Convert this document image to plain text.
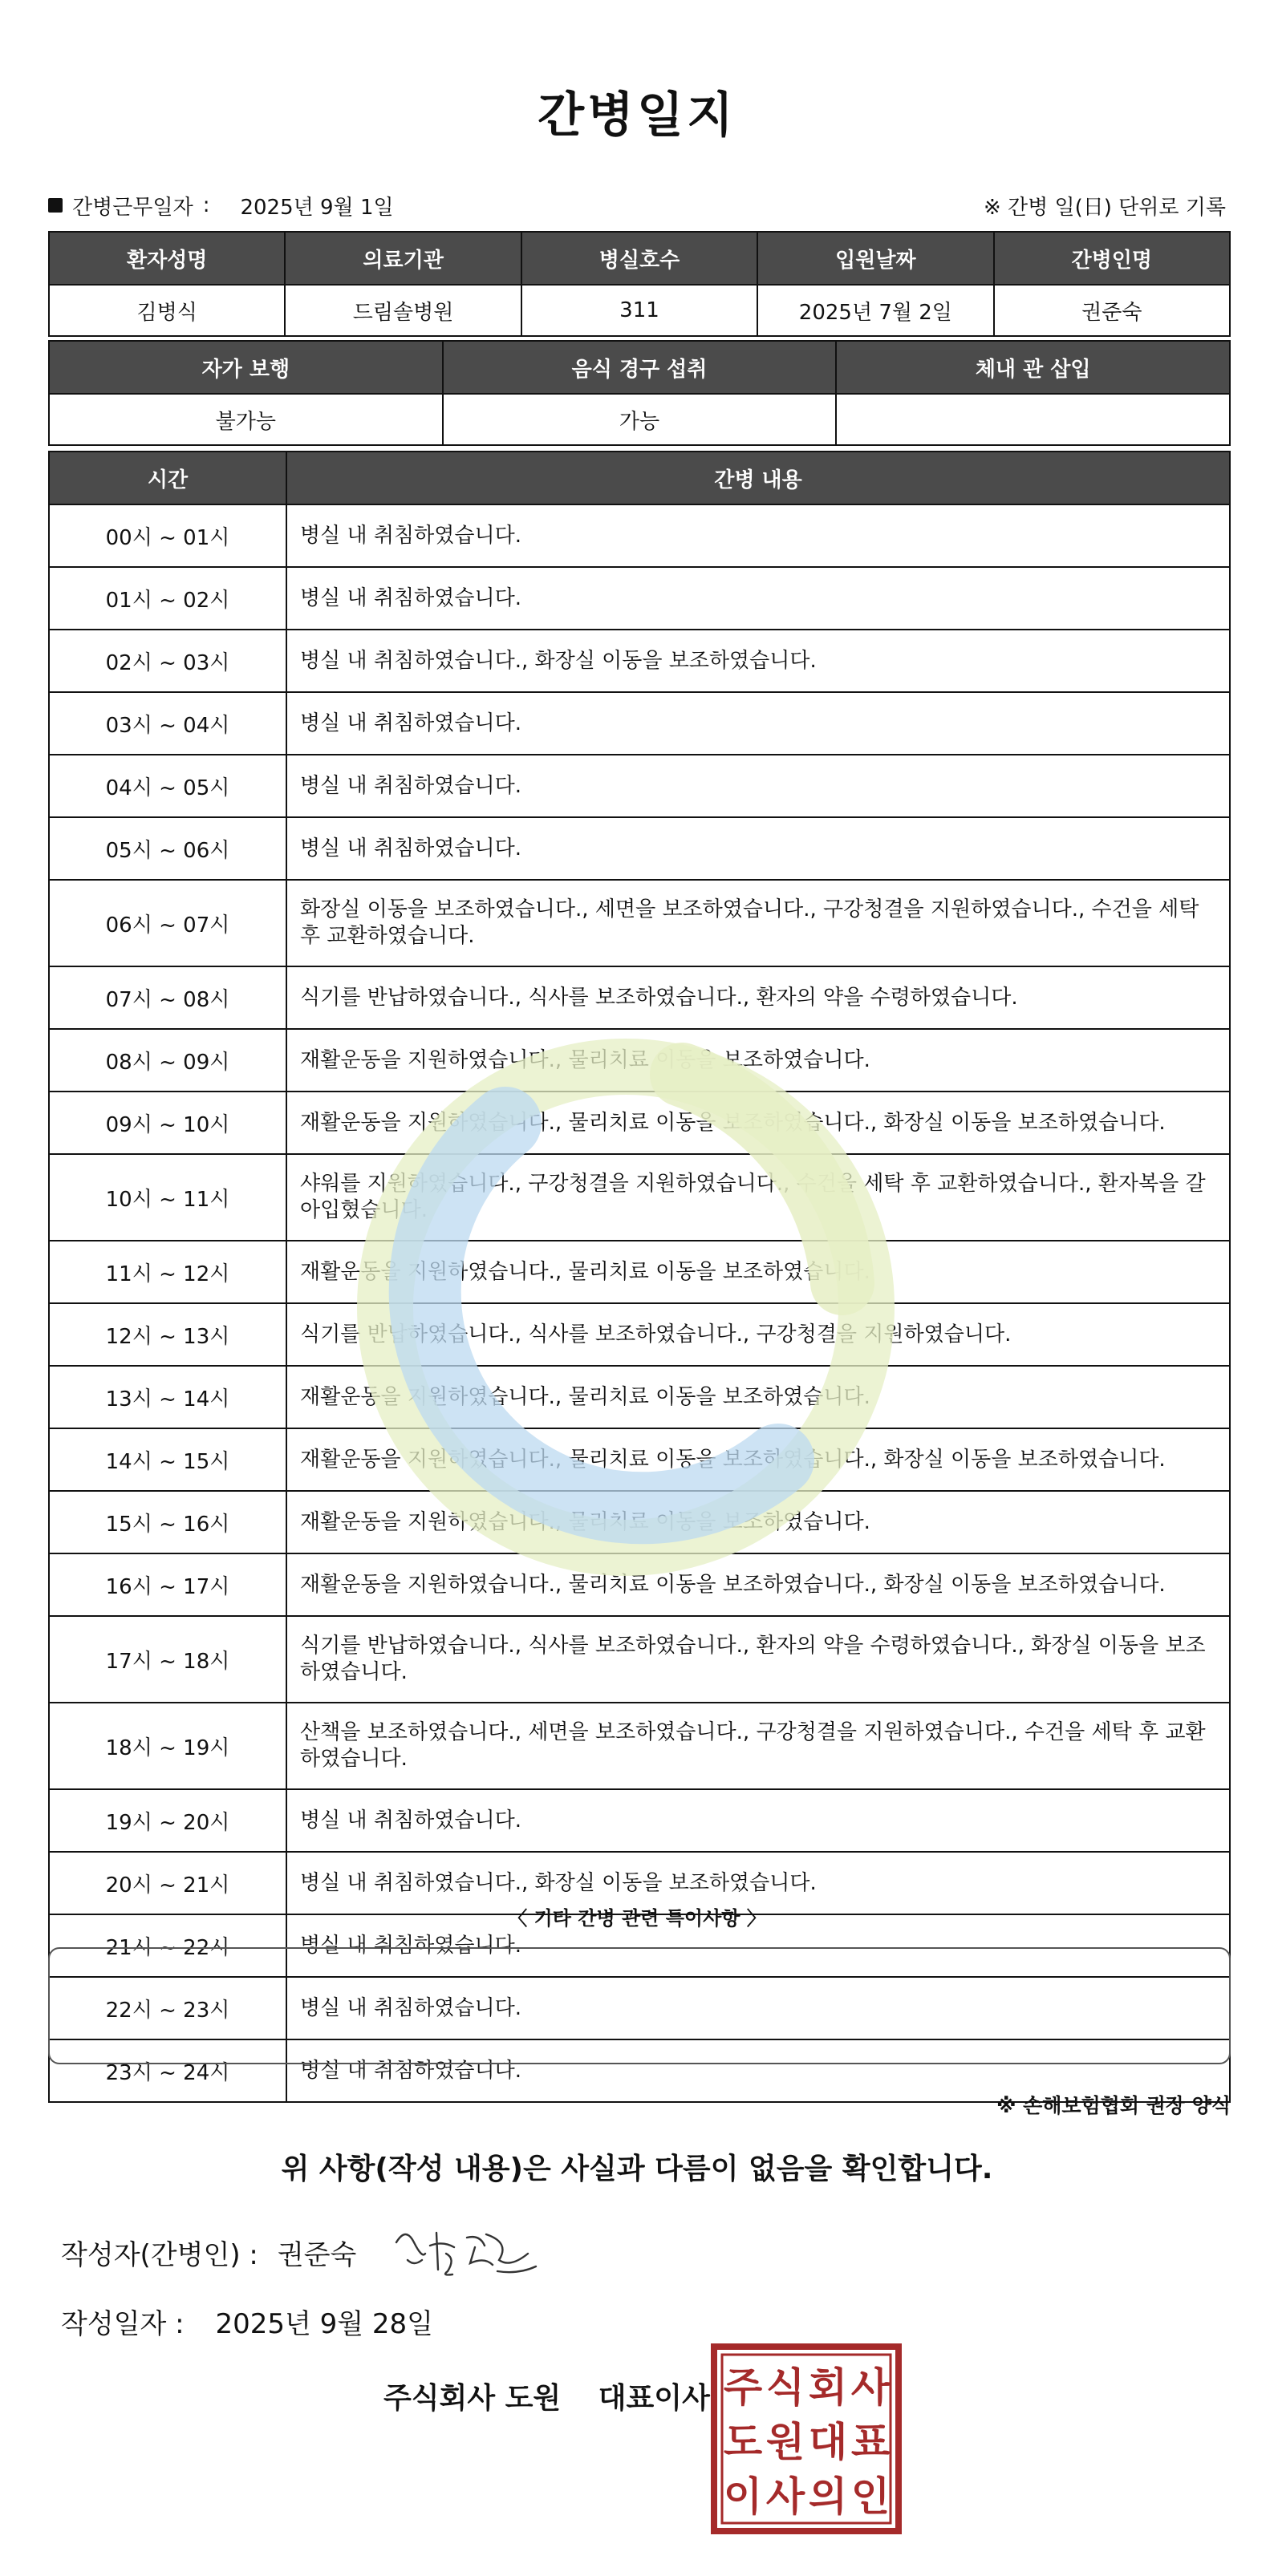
간병일지
간병근무일자 : 2025년 9월 1일	※ 간병 일(日) 단위로 기록
환자성명	의료기관	병실호수	입원날짜	간병인명
김병식	드림솔병원	311	2025년 7월 2일	권준숙
자가 보행	음식 경구 섭취	체내 관 삽입
불가능	가능	
시간	간병 내용
00시 ~ 01시	병실 내 취침하였습니다.
01시 ~ 02시	병실 내 취침하였습니다.
02시 ~ 03시	병실 내 취침하였습니다., 화장실 이동을 보조하였습니다.
03시 ~ 04시	병실 내 취침하였습니다.
04시 ~ 05시	병실 내 취침하였습니다.
05시 ~ 06시	병실 내 취침하였습니다.
06시 ~ 07시	화장실 이동을 보조하였습니다., 세면을 보조하였습니다., 구강청결을 지원하였습니다., 수건을 세탁 후 교환하였습니다.
07시 ~ 08시	식기를 반납하였습니다., 식사를 보조하였습니다., 환자의 약을 수령하였습니다.
08시 ~ 09시	재활운동을 지원하였습니다., 물리치료 이동을 보조하였습니다.
09시 ~ 10시	재활운동을 지원하였습니다., 물리치료 이동을 보조하였습니다., 화장실 이동을 보조하였습니다.
10시 ~ 11시	샤워를 지원하였습니다., 구강청결을 지원하였습니다., 수건을 세탁 후 교환하였습니다., 환자복을 갈아입혔습니다.
11시 ~ 12시	재활운동을 지원하였습니다., 물리치료 이동을 보조하였습니다.
12시 ~ 13시	식기를 반납하였습니다., 식사를 보조하였습니다., 구강청결을 지원하였습니다.
13시 ~ 14시	재활운동을 지원하였습니다., 물리치료 이동을 보조하였습니다.
14시 ~ 15시	재활운동을 지원하였습니다., 물리치료 이동을 보조하였습니다., 화장실 이동을 보조하였습니다.
15시 ~ 16시	재활운동을 지원하였습니다., 물리치료 이동을 보조하였습니다.
16시 ~ 17시	재활운동을 지원하였습니다., 물리치료 이동을 보조하였습니다., 화장실 이동을 보조하였습니다.
17시 ~ 18시	식기를 반납하였습니다., 식사를 보조하였습니다., 환자의 약을 수령하였습니다., 화장실 이동을 보조하였습니다.
18시 ~ 19시	산책을 보조하였습니다., 세면을 보조하였습니다., 구강청결을 지원하였습니다., 수건을 세탁 후 교환하였습니다.
19시 ~ 20시	병실 내 취침하였습니다.
20시 ~ 21시	병실 내 취침하였습니다., 화장실 이동을 보조하였습니다.
21시 ~ 22시	병실 내 취침하였습니다.
22시 ~ 23시	병실 내 취침하였습니다.
23시 ~ 24시	병실 내 취침하였습니다.
〈 기타 간병 관련 특이사항 〉
※ 손해보험협회 권장 양식
위 사항(작성 내용)은 사실과 다름이 없음을 확인합니다.
작성자(간병인) : 권준숙
작성일자 : 2025년 9월 28일
주식회사 도원 대표이사 주 식 회 사
도 원 대 표
이 사 의 인
